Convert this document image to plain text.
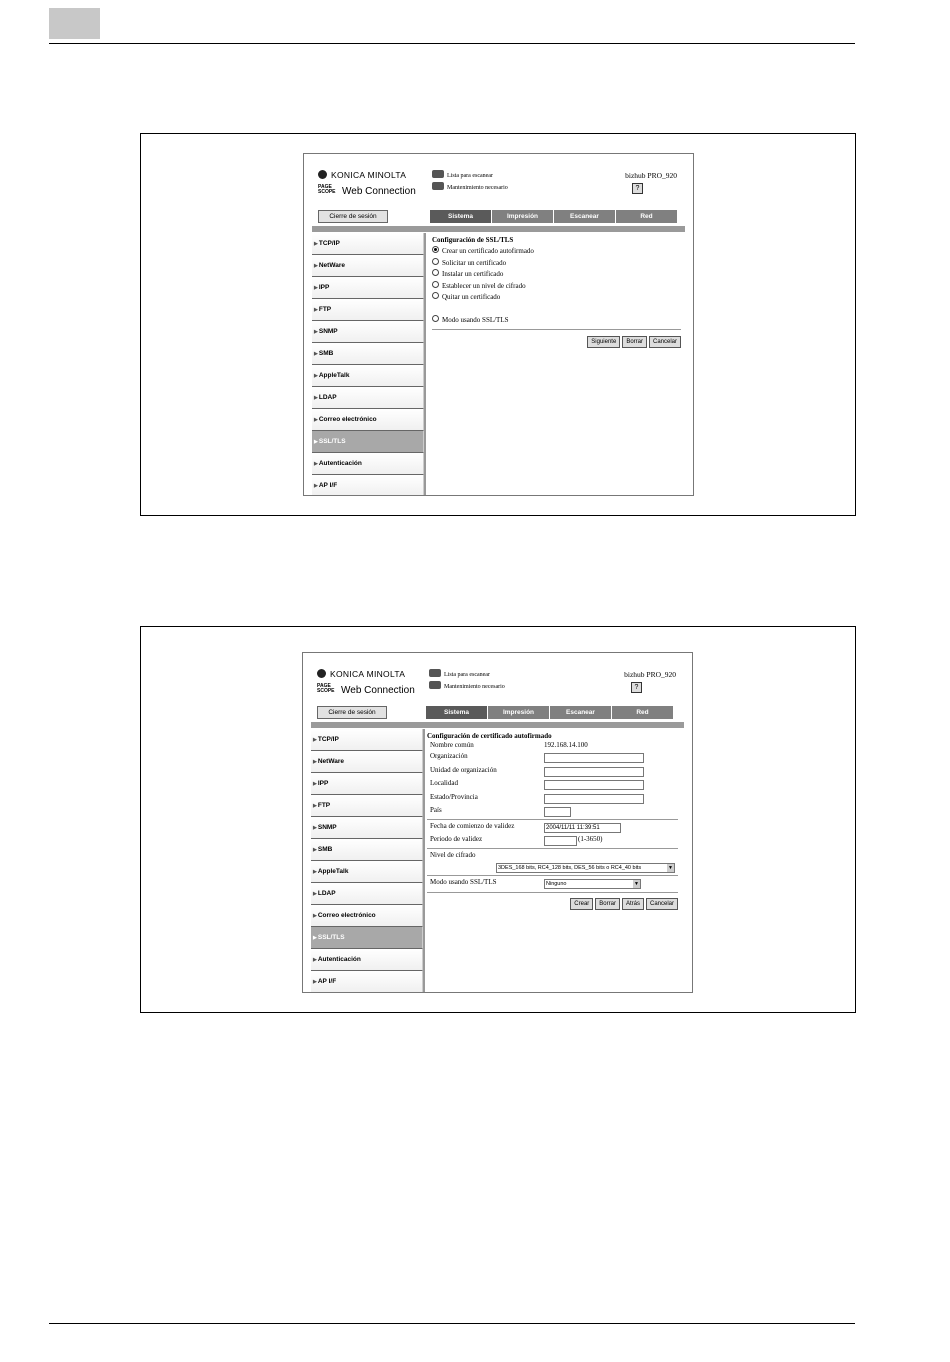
KONICA MINOLTA
PAGE SCOPE Web Connection
Lista para escanear
Mantenimiento necesario
bizhub PRO_920
?
Cierre de sesión	Sistema	Impresión	Escanear	Red
▶TCP/IP
▶NetWare
▶IPP
▶FTP
▶SNMP
▶SMB
▶AppleTalk
▶LDAP
▶Correo electrónico
▶SSL/TLS
▶Autenticación
▶AP I/F
Configuración de SSL/TLS
Crear un certificado autofirmado
Solicitar un certificado
Instalar un certificado
Establecer un nivel de cifrado
Quitar un certificado
Modo usando SSL/TLS
Siguiente Borrar Cancelar
KONICA MINOLTA
PAGE SCOPE Web Connection
Lista para escanear
Mantenimiento necesario
bizhub PRO_920
?
Cierre de sesión	Sistema	Impresión	Escanear	Red
▶TCP/IP
▶NetWare
▶IPP
▶FTP
▶SNMP
▶SMB
▶AppleTalk
▶LDAP
▶Correo electrónico
▶SSL/TLS
▶Autenticación
▶AP I/F
Configuración de certificado autofirmado
Nombre común	192.168.14.100
Organización
Unidad de organización
Localidad
Estado/Provincia
País
Fecha de comienzo de validez	2004/11/11 11:39:51
Periodo de validez	(1-3650)
Nivel de cifrado
3DES_168 bits, RC4_128 bits, DES_56 bits o RC4_40 bits	▼
Modo usando SSL/TLS	Ninguno	▼
Crear Borrar Atrás Cancelar
